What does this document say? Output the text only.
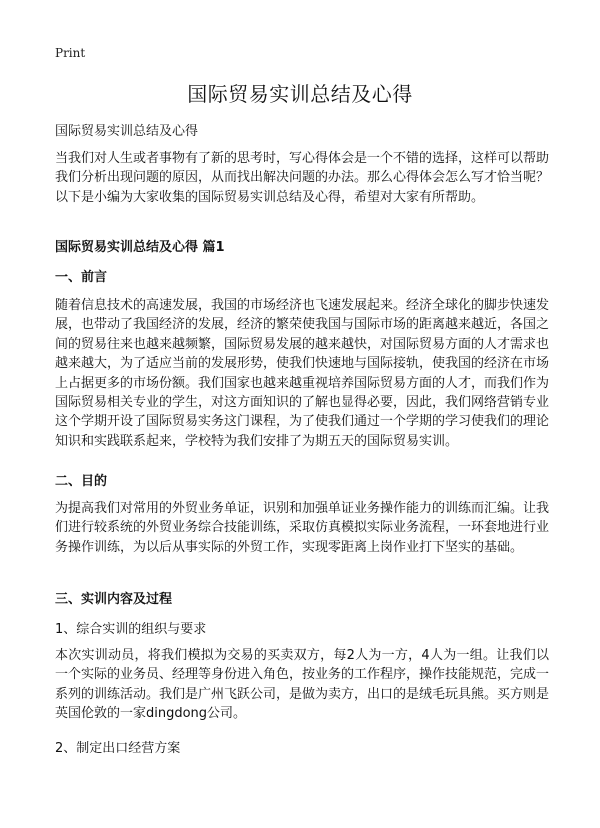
Print
国际贸易实训总结及心得
国际贸易实训总结及心得

当我们对人生或者事物有了新的思考时，写心得体会是一个不错的选择，这样可以帮助我们分析出现问题的原因，从而找出解决问题的办法。那么心得体会怎么写才恰当呢？以下是小编为大家收集的国际贸易实训总结及心得，希望对大家有所帮助。

国际贸易实训总结及心得 篇1
一、前言

随着信息技术的高速发展，我国的市场经济也飞速发展起来。经济全球化的脚步快速发展，也带动了我国经济的发展，经济的繁荣使我国与国际市场的距离越来越近，各国之间的贸易往来也越来越频繁，国际贸易发展的越来越快，对国际贸易方面的人才需求也越来越大，为了适应当前的发展形势，使我们快速地与国际接轨，使我国的经济在市场上占据更多的市场份额。我们国家也越来越重视培养国际贸易方面的人才，而我们作为国际贸易相关专业的学生，对这方面知识的了解也显得必要，因此，我们网络营销专业这个学期开设了国际贸易实务这门课程，为了使我们通过一个学期的学习使我们的理论知识和实践联系起来，学校特为我们安排了为期五天的国际贸易实训。

二、目的

为提高我们对常用的外贸业务单证，识别和加强单证业务操作能力的训练而汇编。让我们进行较系统的外贸业务综合技能训练，采取仿真模拟实际业务流程，一环套地进行业务操作训练，为以后从事实际的外贸工作，实现零距离上岗作业打下坚实的基础。

三、实训内容及过程
1、综合实训的组织与要求

本次实训动员，将我们模拟为交易的买卖双方，每2人为一方，4人为一组。让我们以一个实际的业务员、经理等身份进入角色，按业务的工作程序，操作技能规范，完成一系列的训练活动。我们是广州飞跃公司，是做为卖方，出口的是绒毛玩具熊。买方则是英国伦敦的一家dingdong公司。

2、制定出口经营方案
